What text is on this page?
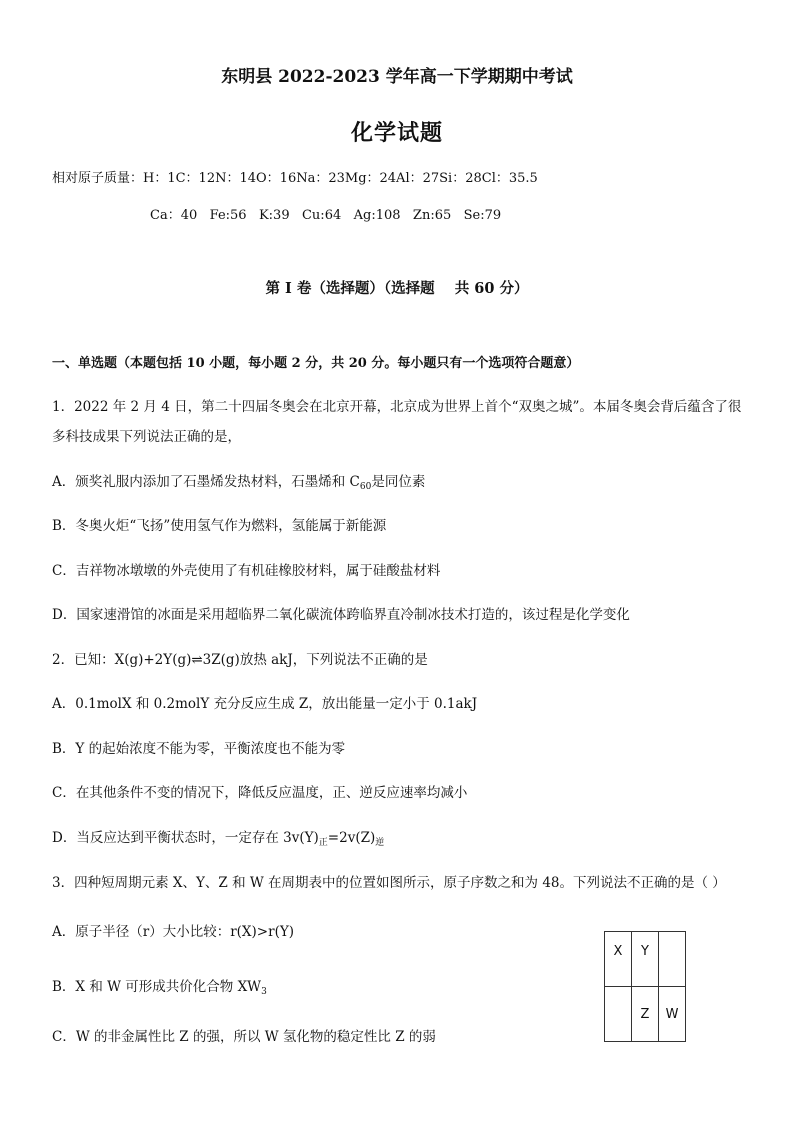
东明县 2022-2023 学年高一下学期期中考试
化学试题
相对原子质量：H：1C：12N：14O：16Na：23Mg：24Al：27Si：28Cl：35.5
Ca：40   Fe:56   K:39   Cu:64   Ag:108   Zn:65   Se:79
第 I 卷（选择题）（选择题    共 60 分）
一、单选题（本题包括 10 小题，每小题 2 分，共 20 分。每小题只有一个选项符合题意）
1．2022 年 2 月 4 日，第二十四届冬奥会在北京开幕，北京成为世界上首个“双奥之城”。本届冬奥会背后蕴含了很
多科技成果下列说法正确的是，
A．颁奖礼服内添加了石墨烯发热材料，石墨烯和 $C_{60}$是同位素
B．冬奥火炬“飞扬”使用氢气作为燃料，氢能属于新能源
C．吉祥物冰墩墩的外壳使用了有机硅橡胶材料，属于硅酸盐材料
D．国家速滑馆的冰面是采用超临界二氧化碳流体跨临界直冷制冰技术打造的，该过程是化学变化
2．已知：X(g)+2Y(g)⇌3Z(g)放热 akJ，下列说法不正确的是
A．0.1molX 和 0.2molY 充分反应生成 Z，放出能量一定小于 0.1akJ
B．Y 的起始浓度不能为零，平衡浓度也不能为零
C．在其他条件不变的情况下，降低反应温度，正、逆反应速率均减小
D．当反应达到平衡状态时，一定存在 $3v(Y)_正=2v(Z)_逆$
3．四种短周期元素 X、Y、Z 和 W 在周期表中的位置如图所示，原子序数之和为 48。下列说法不正确的是（ ）
A．原子半径（r）大小比较：r(X)>r(Y)
B．X 和 W 可形成共价化合物 $XW_3$
C．W 的非金属性比 Z 的强，所以 W 氢化物的稳定性比 Z 的弱
X	Y	
	Z	W
